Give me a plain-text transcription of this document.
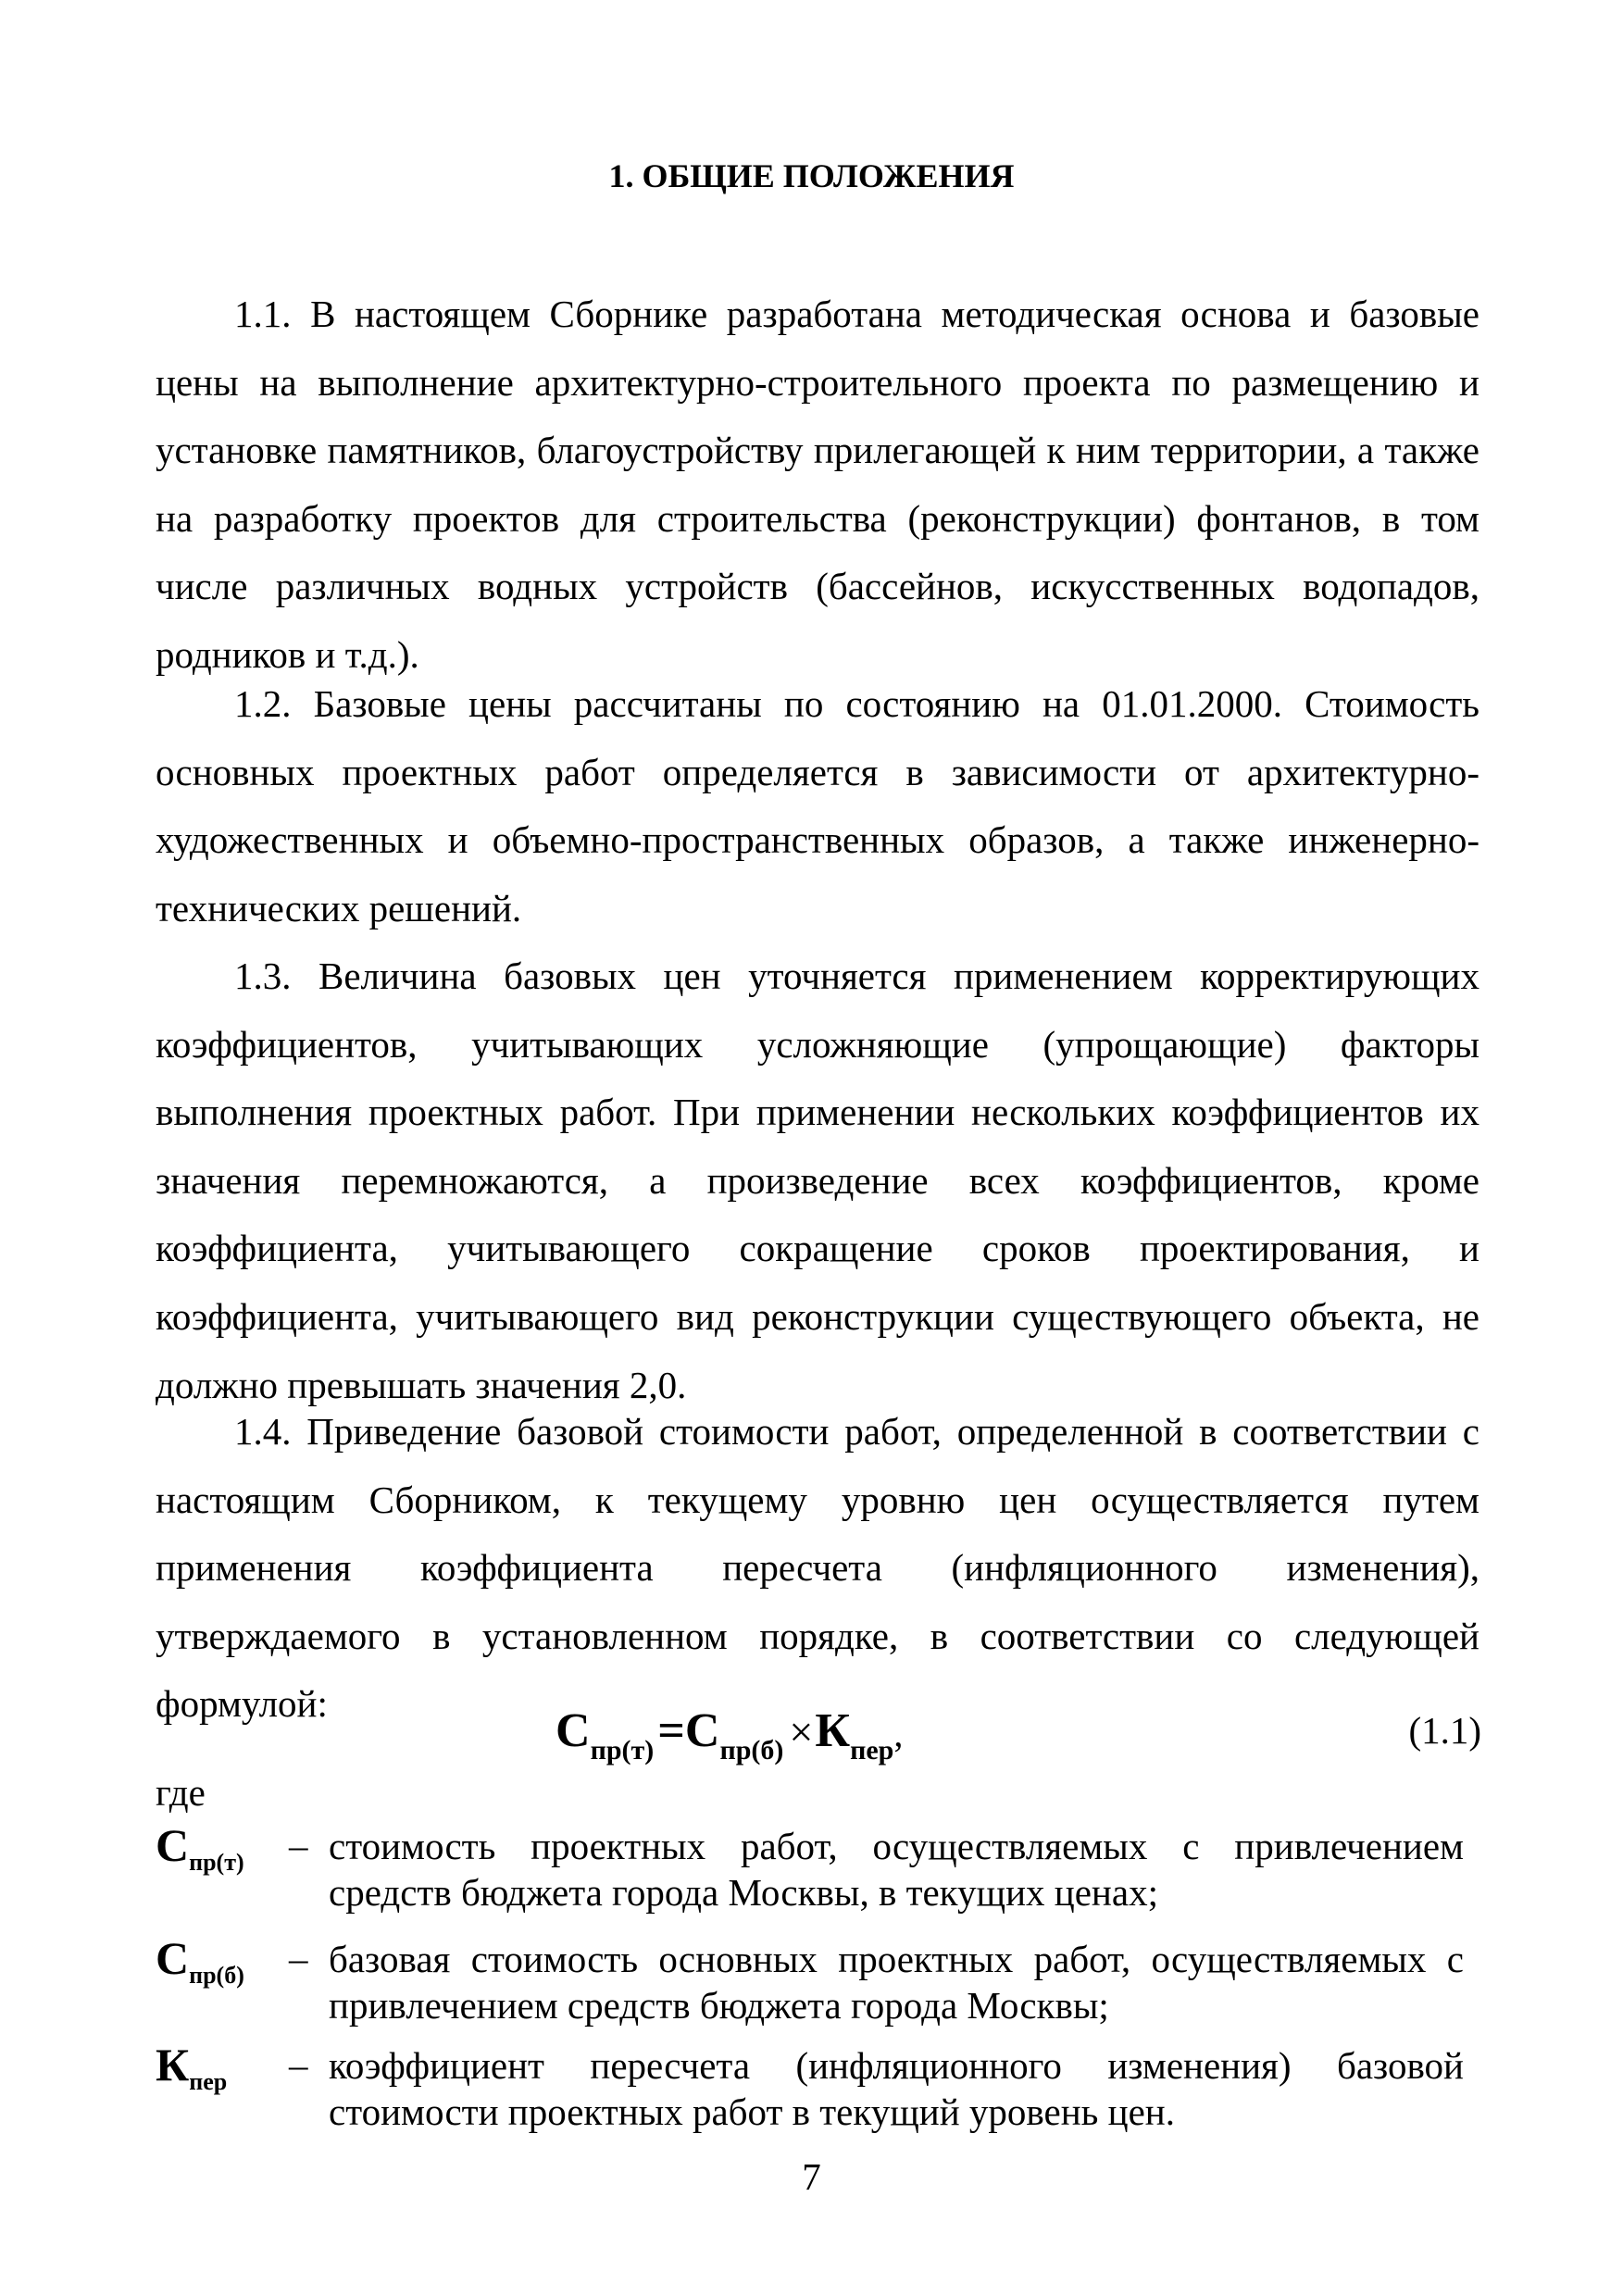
1. ОБЩИЕ ПОЛОЖЕНИЯ

1.1. В настоящем Сборнике разработана методическая основа и базовые цены на выполнение архитектурно-строительного проекта по размещению и установке памятников, благоустройству прилегающей к ним территории, а также на разработку проектов для строительства (реконструкции) фонтанов, в том числе различных водных устройств (бассейнов, искусственных водопадов, родников и т.д.).

1.2. Базовые цены рассчитаны по состоянию на 01.01.2000. Стоимость основных проектных работ определяется в зависимости от архитектурно-художественных и объемно-пространственных образов, а также инженерно-технических решений.

1.3. Величина базовых цен уточняется применением корректирующих коэффициентов, учитывающих усложняющие (упрощающие) факторы выполнения проектных работ. При применении нескольких коэффициентов их значения перемножаются, а произведение всех коэффициентов, кроме коэффициента, учитывающего сокращение сроков проектирования, и коэффициента, учитывающего вид реконструкции существующего объекта, не должно превышать значения 2,0.

1.4. Приведение базовой стоимости работ, определенной в соответствии с настоящим Сборником, к текущему уровню цен осуществляется путем применения коэффициента пересчета (инфляционного изменения), утверждаемого в установленном порядке, в соответствии со следующей формулой:

Спр(т) =Спр(б) ×Кпер,	(1.1)
где
$С_{пр(т)}$ – стоимость проектных работ, осуществляемых с привлечением средств бюджета города Москвы, в текущих ценах;
$С_{пр(б)}$ – базовая стоимость основных проектных работ, осуществляемых с привлечением средств бюджета города Москвы;
$К_{пер}$ – коэффициент пересчета (инфляционного изменения) базовой стоимости проектных работ в текущий уровень цен.
7
